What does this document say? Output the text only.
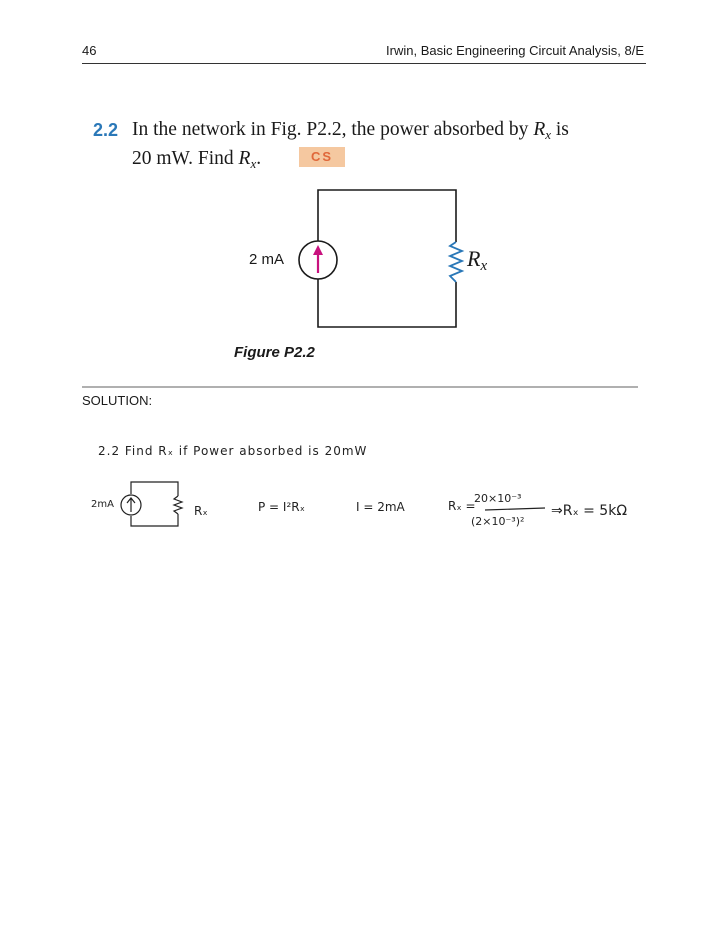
46	Irwin, Basic Engineering Circuit Analysis, 8/E
2.2 In the network in Fig. P2.2, the power absorbed by $R_x$ is
20 mW. Find $R_x$.	CS
2 mA	Rx
Figure P2.2
SOLUTION:
2.2 Find Rₓ if Power absorbed is 20mW
2mA	Rₓ	P = I²Rₓ	I = 2mA	Rₓ =
20×10⁻³
(2×10⁻³)²
⇒Rₓ = 5kΩ
